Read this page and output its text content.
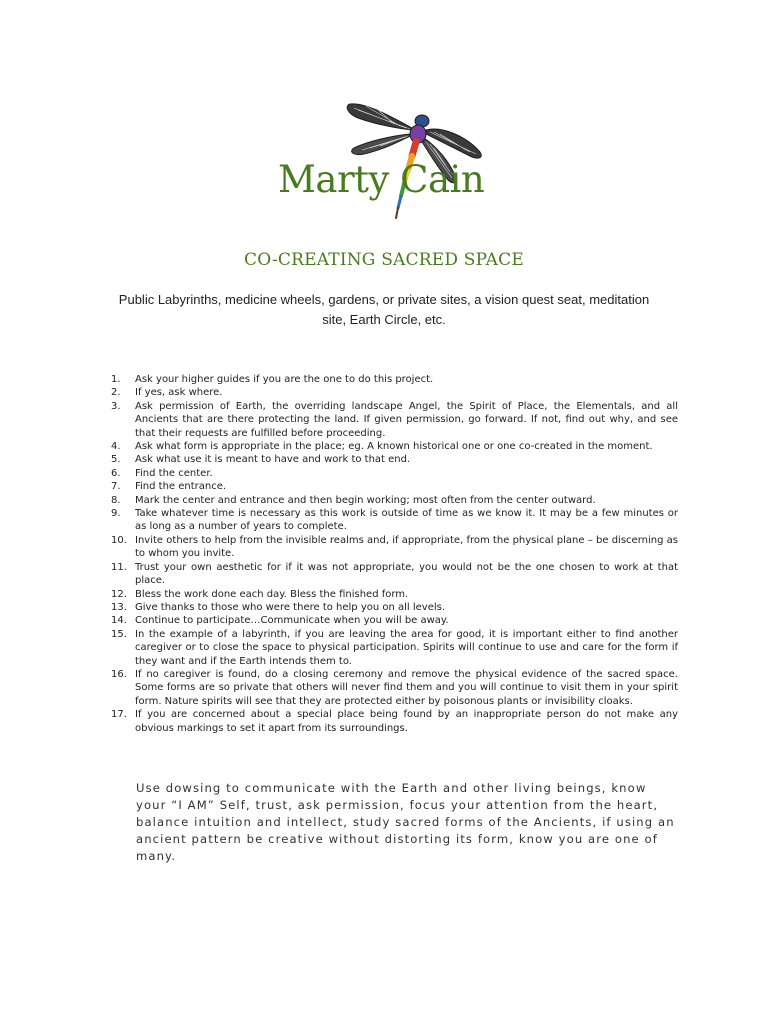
Marty Cain
CO-CREATING SACRED SPACE
Public Labyrinths, medicine wheels, gardens, or private sites, a vision quest seat, meditation site, Earth Circle, etc.
1. Ask your higher guides if you are the one to do this project.
2. If yes, ask where.
3. Ask permission of Earth, the overriding landscape Angel, the Spirit of Place, the Elementals, and all Ancients that are there protecting the land. If given permission, go forward. If not, find out why, and see that their requests are fulfilled before proceeding.
4. Ask what form is appropriate in the place; eg. A known historical one or one co-created in the moment.
5. Ask what use it is meant to have and work to that end.
6. Find the center.
7. Find the entrance.
8. Mark the center and entrance and then begin working; most often from the center outward.
9. Take whatever time is necessary as this work is outside of time as we know it. It may be a few minutes or as long as a number of years to complete.
10. Invite others to help from the invisible realms and, if appropriate, from the physical plane – be discerning as to whom you invite.
11. Trust your own aesthetic for if it was not appropriate, you would not be the one chosen to work at that place.
12. Bless the work done each day. Bless the finished form.
13. Give thanks to those who were there to help you on all levels.
14. Continue to participate…Communicate when you will be away.
15. In the example of a labyrinth, if you are leaving the area for good, it is important either to find another caregiver or to close the space to physical participation. Spirits will continue to use and care for the form if they want and if the Earth intends them to.
16. If no caregiver is found, do a closing ceremony and remove the physical evidence of the sacred space. Some forms are so private that others will never find them and you will continue to visit them in your spirit form. Nature spirits will see that they are protected either by poisonous plants or invisibility cloaks.
17. If you are concerned about a special place being found by an inappropriate person do not make any obvious markings to set it apart from its surroundings.
Use dowsing to communicate with the Earth and other living beings, know your “I AM” Self, trust, ask permission, focus your attention from the heart, balance intuition and intellect, study sacred forms of the Ancients, if using an ancient pattern be creative without distorting its form, know you are one of many.
